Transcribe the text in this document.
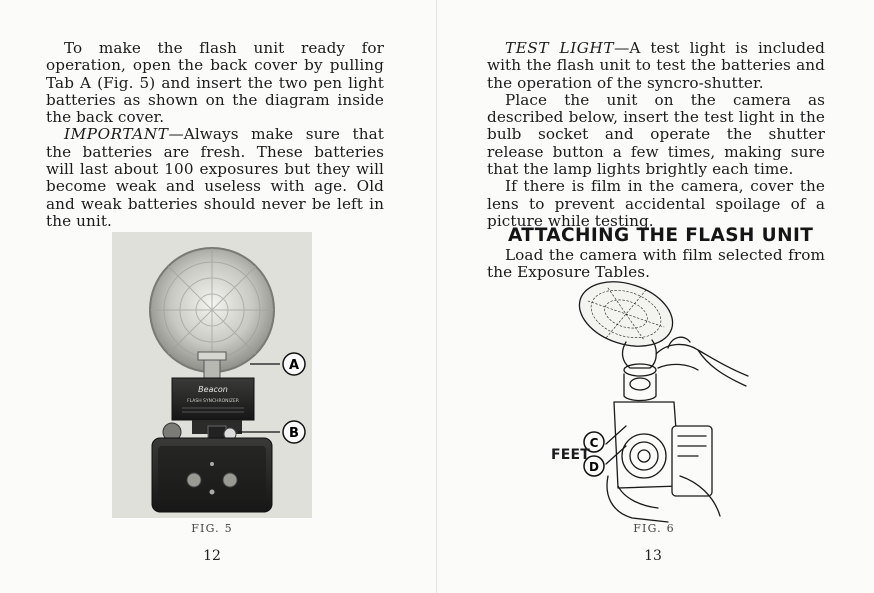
To make the flash unit ready for operation, open the back cover by pulling Tab A (Fig. 5) and insert the two pen light batteries as shown on the diagram inside the back cover.

IMPORTANT—Always make sure that the batteries are fresh. These batteries will last about 100 exposures but they will become weak and useless with age. Old and weak batteries should never be left in the unit.

Beacon
FLASH SYNCHRONIZER
A
B
FIG. 5
12

TEST LIGHT—A test light is included with the flash unit to test the batteries and the operation of the syncro-shutter.

Place the unit on the camera as described below, insert the test light in the bulb socket and operate the shutter release button a few times, making sure that the lamp lights brightly each time.

If there is film in the camera, cover the lens to prevent accidental spoilage of a picture while testing.

ATTACHING THE FLASH UNIT

Load the camera with film selected from the Exposure Tables.

FIG. 6
13
C
D
FEET
